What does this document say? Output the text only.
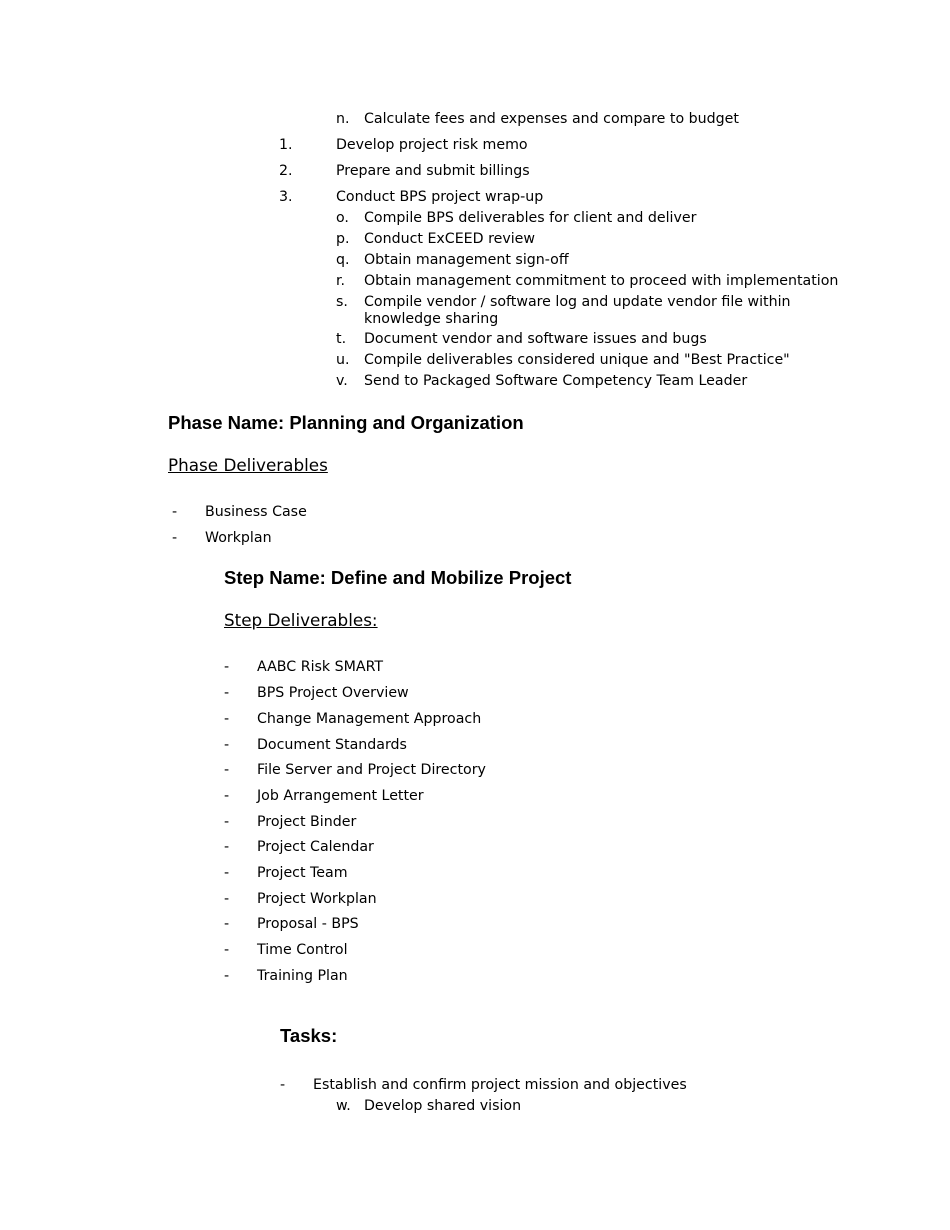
n. Calculate fees and expenses and compare to budget
1.	Develop project risk memo
2.	Prepare and submit billings
3.	Conduct BPS project wrap-up
o. Compile BPS deliverables for client and deliver
p. Conduct ExCEED review
q. Obtain management sign-off
r. Obtain management commitment to proceed with implementation
s. Compile vendor / software log and update vendor file within knowledge sharing
t. Document vendor and software issues and bugs
u. Compile deliverables considered unique and "Best Practice"
v. Send to Packaged Software Competency Team Leader
Phase Name: Planning and Organization
Phase Deliverables
- Business Case
- Workplan
Step Name: Define and Mobilize Project
Step Deliverables:
- AABC Risk SMART
- BPS Project Overview
- Change Management Approach
- Document Standards
- File Server and Project Directory
- Job Arrangement Letter
- Project Binder
- Project Calendar
- Project Team
- Project Workplan
- Proposal - BPS
- Time Control
- Training Plan
Tasks:
- Establish and confirm project mission and objectives
w. Develop shared vision
